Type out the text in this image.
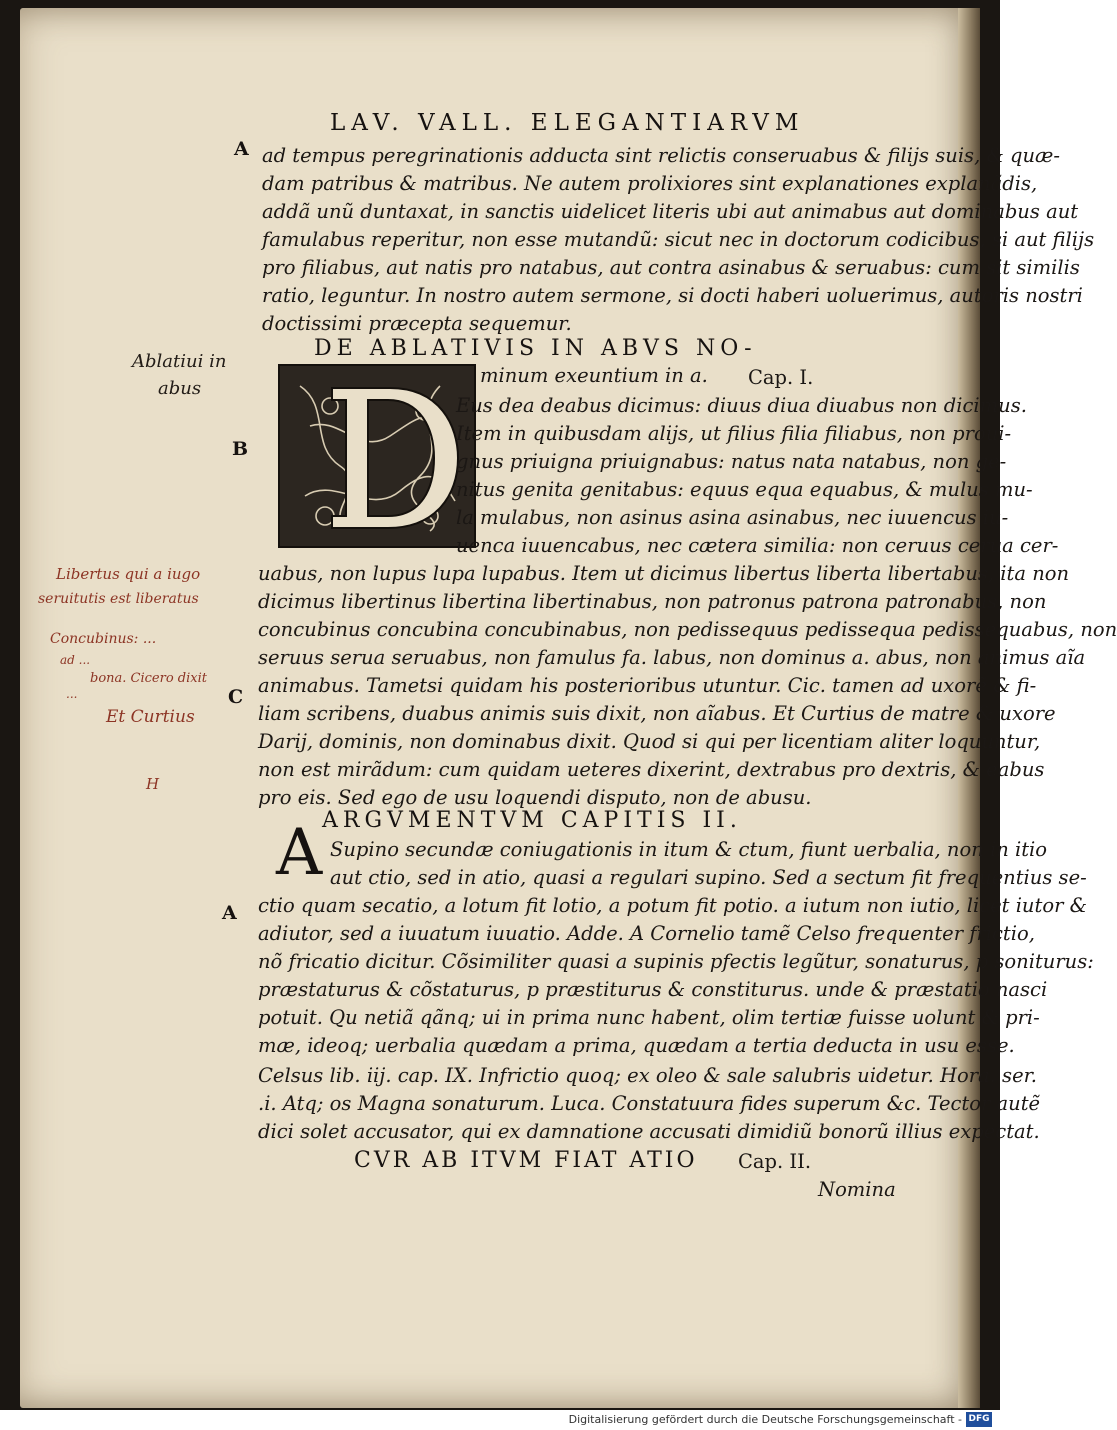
LAV. VALL. ELEGANTIARVM
A
B
C
A
ad tempus peregrinationis adducta sint relictis conseruabus & filijs suis, & quæ-
dam patribus & matribus. Ne autem prolixiores sint explanationes explanãdis,
addã unũ duntaxat, in sanctis uidelicet literis ubi aut animabus aut dominabus aut
famulabus reperitur, non esse mutandũ: sicut nec in doctorum codicibus, si aut filijs
pro filiabus, aut natis pro natabus, aut contra asinabus & seruabus: cum sit similis
ratio, leguntur. In nostro autem sermone, si docti haberi uoluerimus, autoris nostri
doctissimi præcepta sequemur.
DE ABLATIVIS IN ABVS NO-
minum exeuntium in a. Cap. I.
Ablatiui in
abus
Eus dea deabus dicimus: diuus diua diuabus non dicimus.
Item in quibusdam alijs, ut filius filia filiabus, non proui-
gnus priuigna priuignabus: natus nata natabus, non ge-
nitus genita genitabus: equus equa equabus, & mulus mu-
la mulabus, non asinus asina asinabus, nec iuuencus iu-
uenca iuuencabus, nec cætera similia: non ceruus cerua cer-
uabus, non lupus lupa lupabus. Item ut dicimus libertus liberta libertabus, ita non
dicimus libertinus libertina libertinabus, non patronus patrona patronabus, non
concubinus concubina concubinabus, non pedissequus pedissequa pedissequabus, non
seruus serua seruabus, non famulus fa. labus, non dominus a. abus, non animus aĩa
animabus. Tametsi quidam his posterioribus utuntur. Cic. tamen ad uxorẽ & fi-
liam scribens, duabus animis suis dixit, non aĩabus. Et Curtius de matre & uxore
Darij, dominis, non dominabus dixit. Quod si qui per licentiam aliter loquuntur,
non est mirãdum: cum quidam ueteres dixerint, dextrabus pro dextris, & eabus
pro eis. Sed ego de usu loquendi disputo, non de abusu.
Libertus qui a iugo
seruitutis est liberatus
Concubinus: ...
ad ...
bona. Cicero dixit
...
Et Curtius
H
ARGVMENTVM CAPITIS II.
A Supino secundæ coniugationis in itum & ctum, fiunt uerbalia, non in itio
aut ctio, sed in atio, quasi a regulari supino. Sed a sectum fit frequentius se-
ctio quam secatio, a lotum fit lotio, a potum fit potio. a iutum non iutio, licet iutor &
adiutor, sed a iuuatum iuuatio. Adde. A Cornelio tamẽ Celso frequenter frictio,
nõ fricatio dicitur. Cõsimiliter quasi a supinis pfectis legũtur, sonaturus, p soniturus:
præstaturus & cõstaturus, p præstiturus & constiturus. unde & præstatio nasci
potuit. Qu netiã qãnq; ui in prima nunc habent, olim tertiæ fuisse uolunt & pri-
mæ, ideoq; uerbalia quædam a prima, quædam a tertia deducta in usu esse.
Celsus lib. iij. cap. IX. Infrictio quoq; ex oleo & sale salubris uidetur. Hora. ser.
.i. Atq; os Magna sonaturum. Luca. Constatuura fides superum &c. Tector autẽ
dici solet accusator, qui ex damnatione accusati dimidiũ bonorũ illius expectat.
CVR AB ITVM FIAT ATIO Cap. II.
Nomina
Digitalisierung gefördert durch die Deutsche Forschungsgemeinschaft - DFG
